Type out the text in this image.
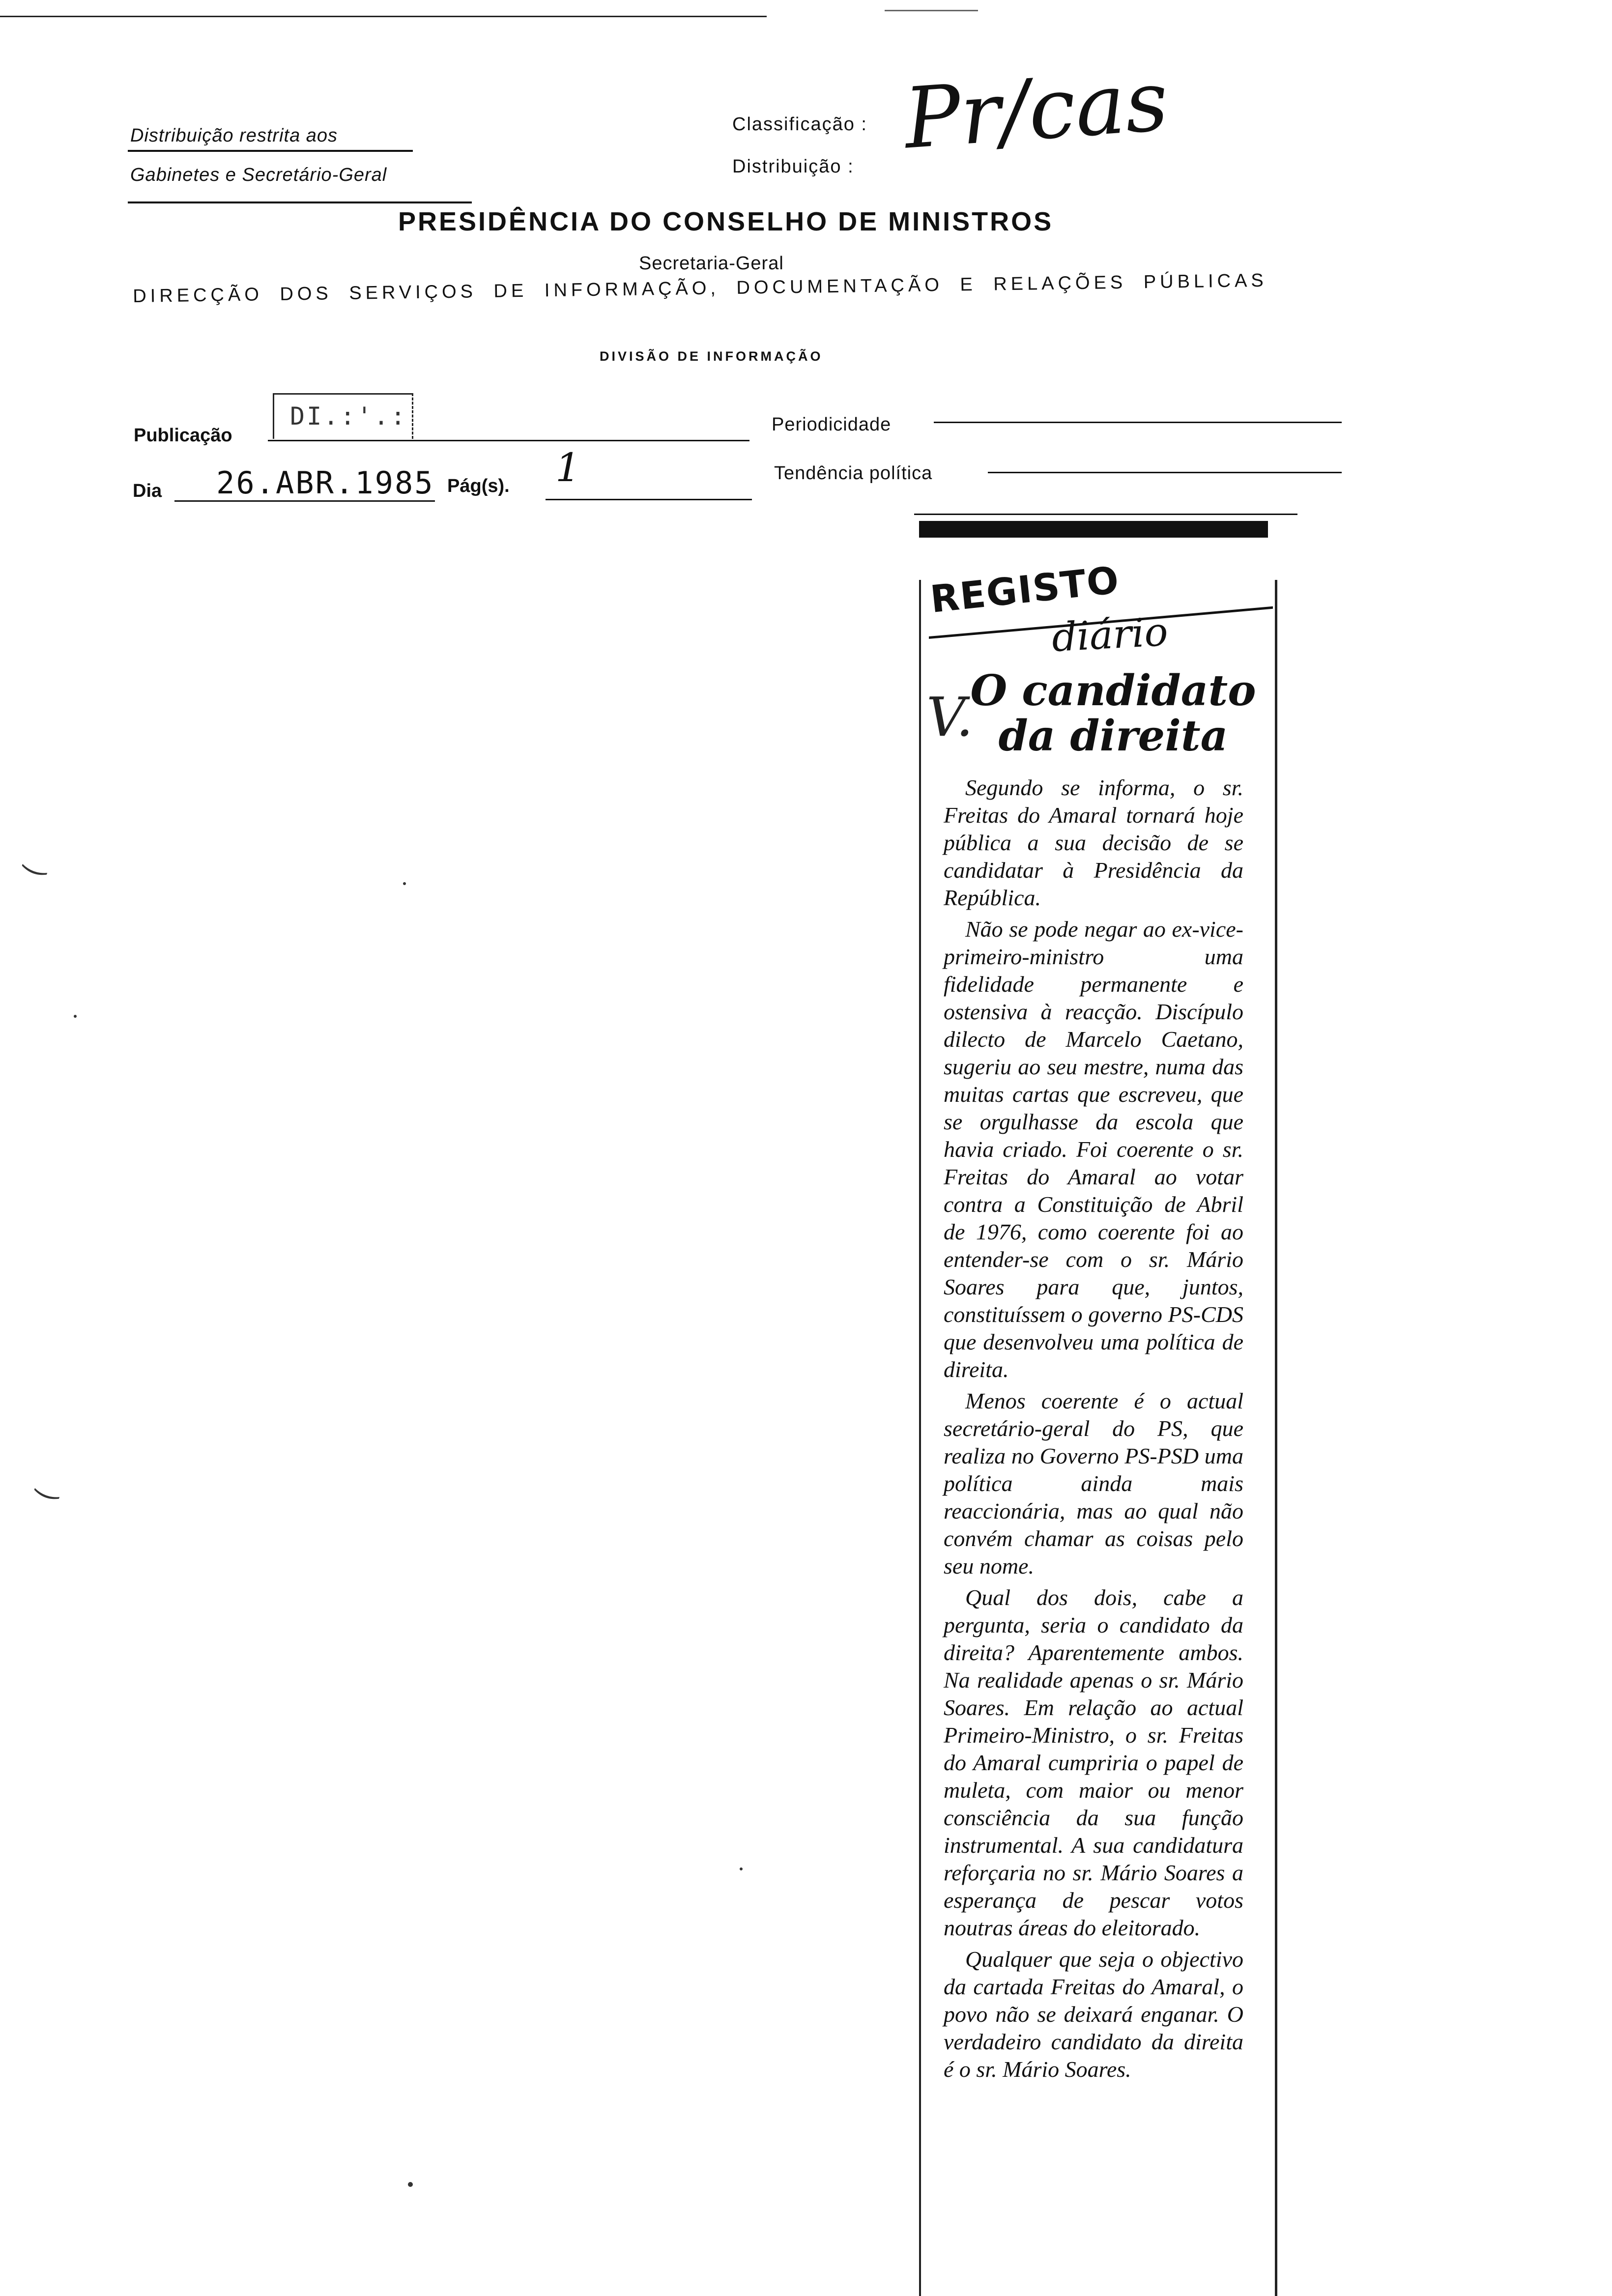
Distribuição restrita aos
Gabinetes e Secretário-Geral
Classificação :
Distribuição : Pr/cas
PRESIDÊNCIA DO CONSELHO DE MINISTROS
Secretaria-Geral
DIRECÇÃO DOS SERVIÇOS DE INFORMAÇÃO, DOCUMENTAÇÃO E RELAÇÕES PÚBLICAS
DIVISÃO DE INFORMAÇÃO
Publicação
DI.:'.:	Periodicidade
Dia 26.ABR.1985 Pág(s). 1	Tendência política
REGISTO
diário
V.
O candidato
da direita

Segundo se informa, o sr. Freitas do Amaral tornará hoje pública a sua decisão de se candidatar à Presidência da República.

Não se pode negar ao ex-vice-primeiro-ministro uma fidelidade permanente e ostensiva à reacção. Discípulo dilecto de Marcelo Caetano, sugeriu ao seu mestre, numa das muitas cartas que escreveu, que se orgulhasse da escola que havia criado. Foi coerente o sr. Freitas do Amaral ao votar contra a Constituição de Abril de 1976, como coerente foi ao entender-se com o sr. Mário Soares para que, juntos, constituíssem o governo PS-CDS que desenvolveu uma política de direita.

Menos coerente é o actual secretário-geral do PS, que realiza no Governo PS-PSD uma política ainda mais reaccionária, mas ao qual não convém chamar as coisas pelo seu nome.

Qual dos dois, cabe a pergunta, seria o candidato da direita? Aparentemente ambos. Na realidade apenas o sr. Mário Soares. Em relação ao actual Primeiro-Ministro, o sr. Freitas do Amaral cumpriria o papel de muleta, com maior ou menor consciência da sua função instrumental. A sua candidatura reforçaria no sr. Mário Soares a esperança de pescar votos noutras áreas do eleitorado.

Qualquer que seja o objectivo da cartada Freitas do Amaral, o povo não se deixará enganar. O verdadeiro candidato da direita é o sr. Mário Soares.

‿
‿
